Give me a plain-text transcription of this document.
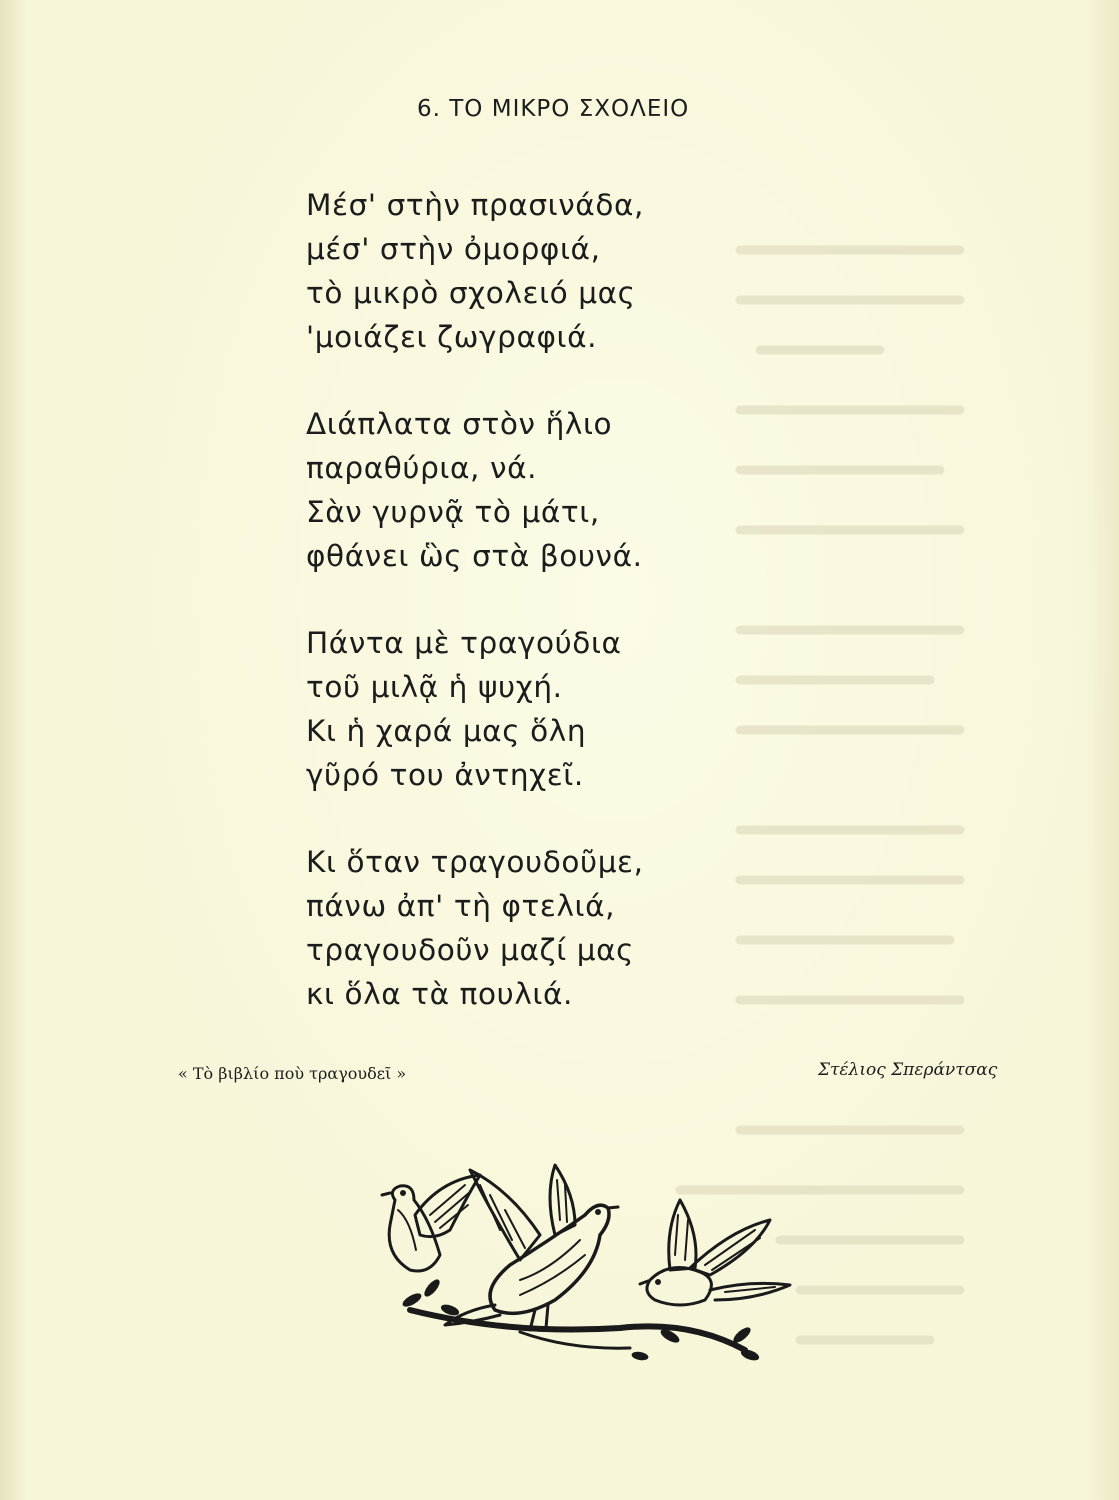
6. ΤΟ ΜΙΚΡΟ ΣΧΟΛΕΙΟ
Μέσ' στὴν πρασινάδα,
μέσ' στὴν ὀμορφιά,
τὸ μικρὸ σχολειό μας
'μοιάζει ζωγραφιά.
Διάπλατα στὸν ἥλιο
παραθύρια, νά.
Σὰν γυρνᾷ τὸ μάτι,
φθάνει ὣς στὰ βουνά.
Πάντα μὲ τραγούδια
τοῦ μιλᾷ ἡ ψυχή.
Κι ἡ χαρά μας ὅλη
γῦρό του ἀντηχεῖ.
Κι ὅταν τραγουδοῦμε,
πάνω ἀπ' τὴ φτελιά,
τραγουδοῦν μαζί μας
κι ὅλα τὰ πουλιά.
« Τὸ βιβλίο ποὺ τραγουδεῖ »	Στέλιος Σπεράντσας
